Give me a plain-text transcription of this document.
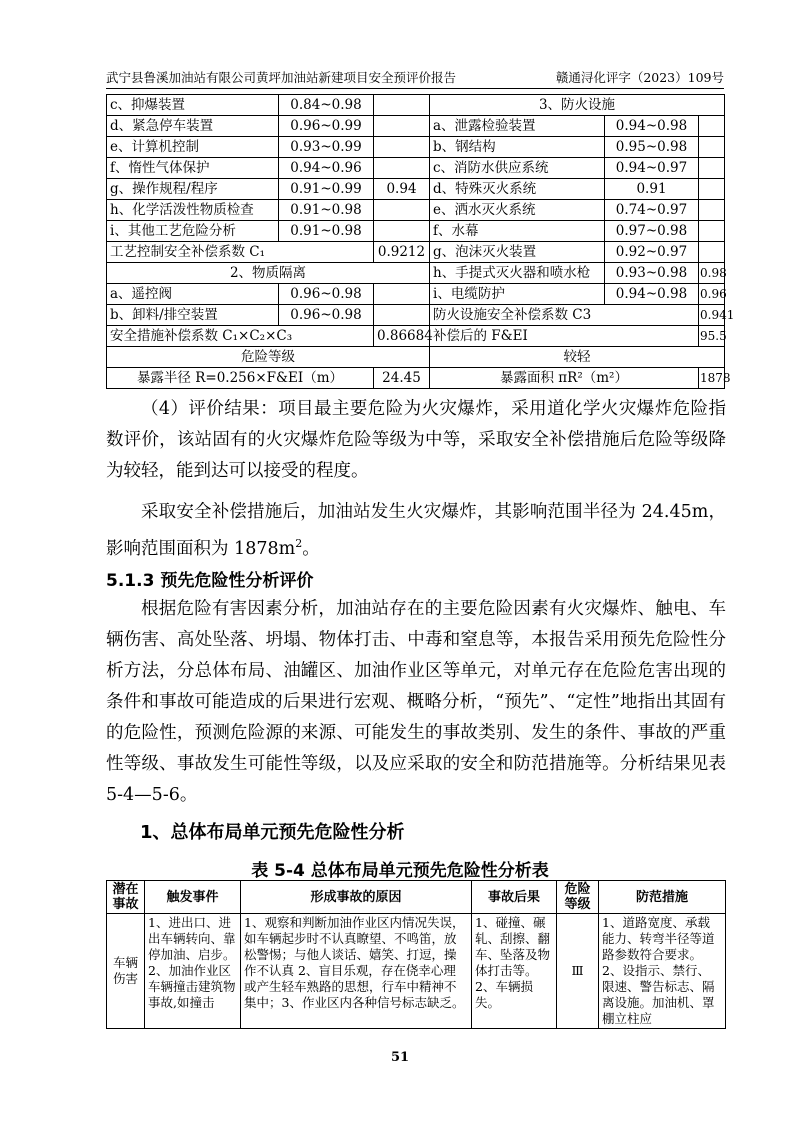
武宁县鲁溪加油站有限公司黄坪加油站新建项目安全预评价报告	赣通浔化评字（2023）109号
c、抑爆装置	0.84~0.98		3、防火设施		
d、紧急停车装置	0.96~0.99		a、泄露检验装置	0.94~0.98	
e、计算机控制	0.93~0.99		b、钢结构	0.95~0.98	
f、惰性气体保护	0.94~0.96		c、消防水供应系统	0.94~0.97	
g、操作规程/程序	0.91~0.99	0.94	d、特殊灭火系统	0.91	
h、化学活泼性物质检查	0.91~0.98		e、洒水灭火系统	0.74~0.97	
i、其他工艺危险分析	0.91~0.98		f、水幕	0.97~0.98	
工艺控制安全补偿系数 C₁		0.9212	g、泡沫灭火装置	0.92~0.97	
2、物质隔离			h、手提式灭火器和喷水枪	0.93~0.98	0.98
a、遥控阀	0.96~0.98		i、电缆防护	0.94~0.98	0.96
b、卸料/排空装置	0.96~0.98		防火设施安全补偿系数 C3		0.941
安全措施补偿系数 C₁×C₂×C₃		0.86684	补偿后的 F&EI		95.5
危险等级			较轻		
暴露半径 R=0.256×F&EI（m）		24.45	暴露面积 πR²（m²）		1878
（4）评价结果：项目最主要危险为火灾爆炸，采用道化学火灾爆炸危险指数评价，该站固有的火灾爆炸危险等级为中等，采取安全补偿措施后危险等级降为较轻，能到达可以接受的程度。
采取安全补偿措施后，加油站发生火灾爆炸，其影响范围半径为 24.45m，影响范围面积为 $1878m^2$。
5.1.3 预先危险性分析评价
根据危险有害因素分析，加油站存在的主要危险因素有火灾爆炸、触电、车辆伤害、高处坠落、坍塌、物体打击、中毒和窒息等，本报告采用预先危险性分析方法，分总体布局、油罐区、加油作业区等单元，对单元存在危险危害出现的条件和事故可能造成的后果进行宏观、概略分析，“预先”、“定性”地指出其固有的危险性，预测危险源的来源、可能发生的事故类别、发生的条件、事故的严重性等级、事故发生可能性等级，以及应采取的安全和防范措施等。分析结果见表 5-4—5-6。
1、总体布局单元预先危险性分析
表 5-4 总体布局单元预先危险性分析表
潜在事故	触发事件	形成事故的原因	事故后果	危险等级	防范措施
车辆伤害	1、进出口、进出车辆转向、靠停加油、启步。2、加油作业区车辆撞击建筑物事故,如撞击	1、观察和判断加油作业区内情况失误，如车辆起步时不认真瞭望、不鸣笛，放松警惕；与他人谈话、嬉笑、打逗，操作不认真 2、盲目乐观，存在侥幸心理或产生轻车熟路的思想，行车中精神不集中；3、作业区内各种信号标志缺乏。	1、碰撞、碾轧、刮擦、翻车、坠落及物体打击等。 2、车辆损失。	Ⅲ	1、道路宽度、承载能力、转弯半径等道路参数符合要求。2、设指示、禁行、限速、警告标志、隔离设施。加油机、罩棚立柱应
51
